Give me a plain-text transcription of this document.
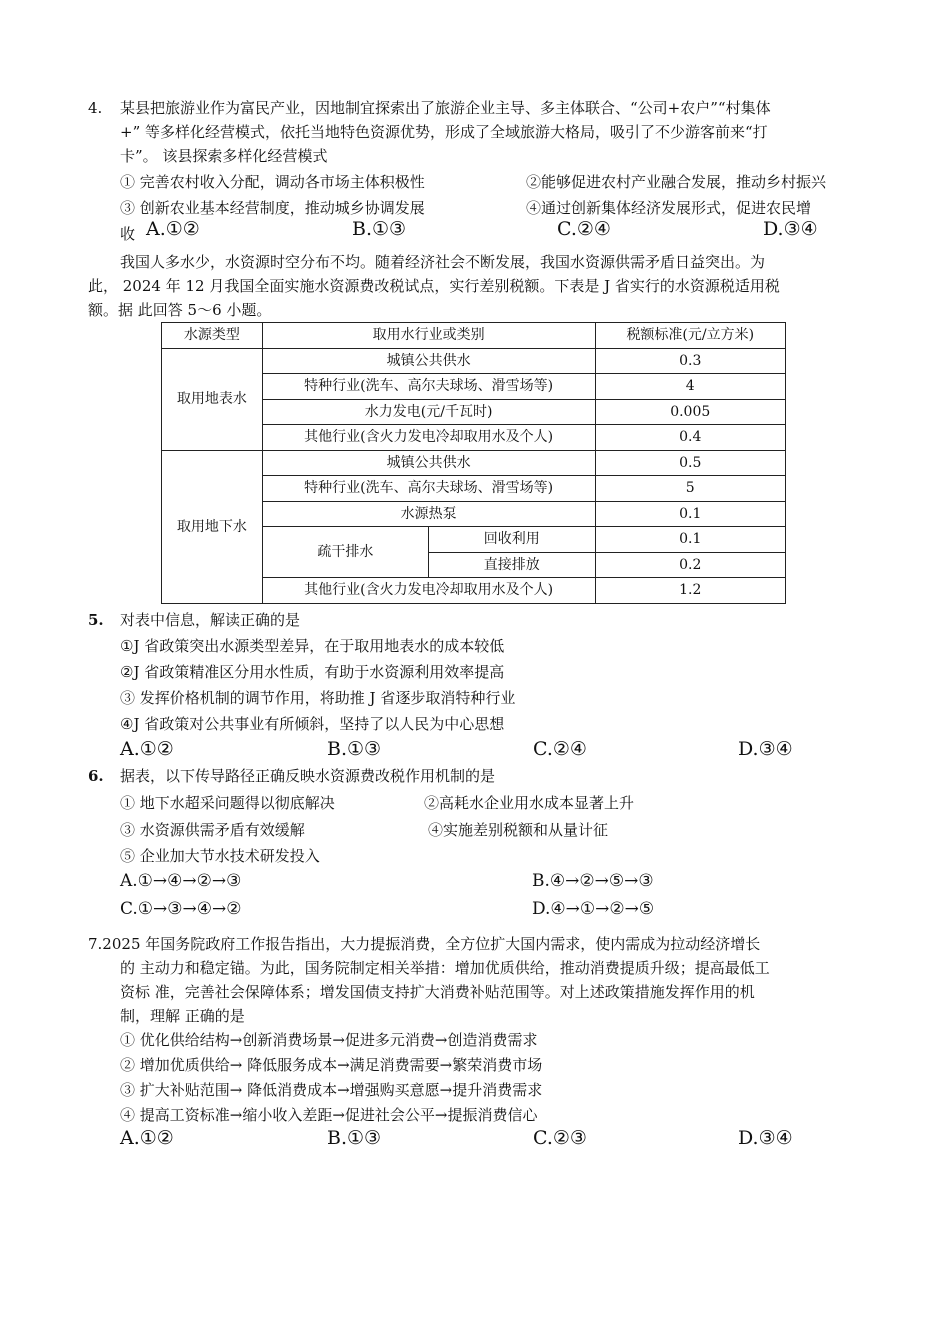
4. 某县把旅游业作为富民产业，因地制宜探索出了旅游企业主导、多主体联合、“公司+农户”“村集体
+” 等多样化经营模式，依托当地特色资源优势，形成了全域旅游大格局，吸引了不少游客前来“打
卡”。 该县探索多样化经营模式
① 完善农村收入分配，调动各市场主体积极性	②能够促进农村产业融合发展，推动乡村振兴
③ 创新农业基本经营制度，推动城乡协调发展	④通过创新集体经济发展形式，促进农民增
收 A.①②	B.①③	C.②④	D.③④
我国人多水少，水资源时空分布不均。随着经济社会不断发展，我国水资源供需矛盾日益突出。为
此， 2024 年 12 月我国全面实施水资源费改税试点，实行差别税额。下表是 J 省实行的水资源税适用税
额。据 此回答 5～6 小题。
水源类型	取用水行业或类别		税额标准(元/立方米)
取用地表水	城镇公共供水		0.3
	特种行业(洗车、高尔夫球场、滑雪场等)		4
	水力发电(元/千瓦时)		0.005
	其他行业(含火力发电冷却取用水及个人)		0.4
取用地下水	城镇公共供水		0.5
	特种行业(洗车、高尔夫球场、滑雪场等)		5
	水源热泵		0.1
	疏干排水	回收利用	0.1
		直接排放	0.2
	其他行业(含火力发电冷却取用水及个人)		1.2
5. 对表中信息，解读正确的是
①J 省政策突出水源类型差异，在于取用地表水的成本较低
②J 省政策精准区分用水性质，有助于水资源利用效率提高
③ 发挥价格机制的调节作用，将助推 J 省逐步取消特种行业
④J 省政策对公共事业有所倾斜，坚持了以人民为中心思想
A.①②	B.①③	C.②④	D.③④
6. 据表，以下传导路径正确反映水资源费改税作用机制的是
① 地下水超采问题得以彻底解决	②高耗水企业用水成本显著上升
③ 水资源供需矛盾有效缓解	④实施差别税额和从量计征
⑤ 企业加大节水技术研发投入
A.①→④→②→③	B.④→②→⑤→③
C.①→③→④→②	D.④→①→②→⑤
7.2025 年国务院政府工作报告指出，大力提振消费，全方位扩大国内需求，使内需成为拉动经济增长
的 主动力和稳定锚。为此，国务院制定相关举措：增加优质供给，推动消费提质升级；提高最低工
资标 准，完善社会保障体系；增发国债支持扩大消费补贴范围等。对上述政策措施发挥作用的机
制，理解 正确的是
① 优化供给结构→创新消费场景→促进多元消费→创造消费需求
② 增加优质供给→ 降低服务成本→满足消费需要→繁荣消费市场
③ 扩大补贴范围→ 降低消费成本→增强购买意愿→提升消费需求
④ 提高工资标准→缩小收入差距→促进社会公平→提振消费信心
A.①②	B.①③	C.②③	D.③④
